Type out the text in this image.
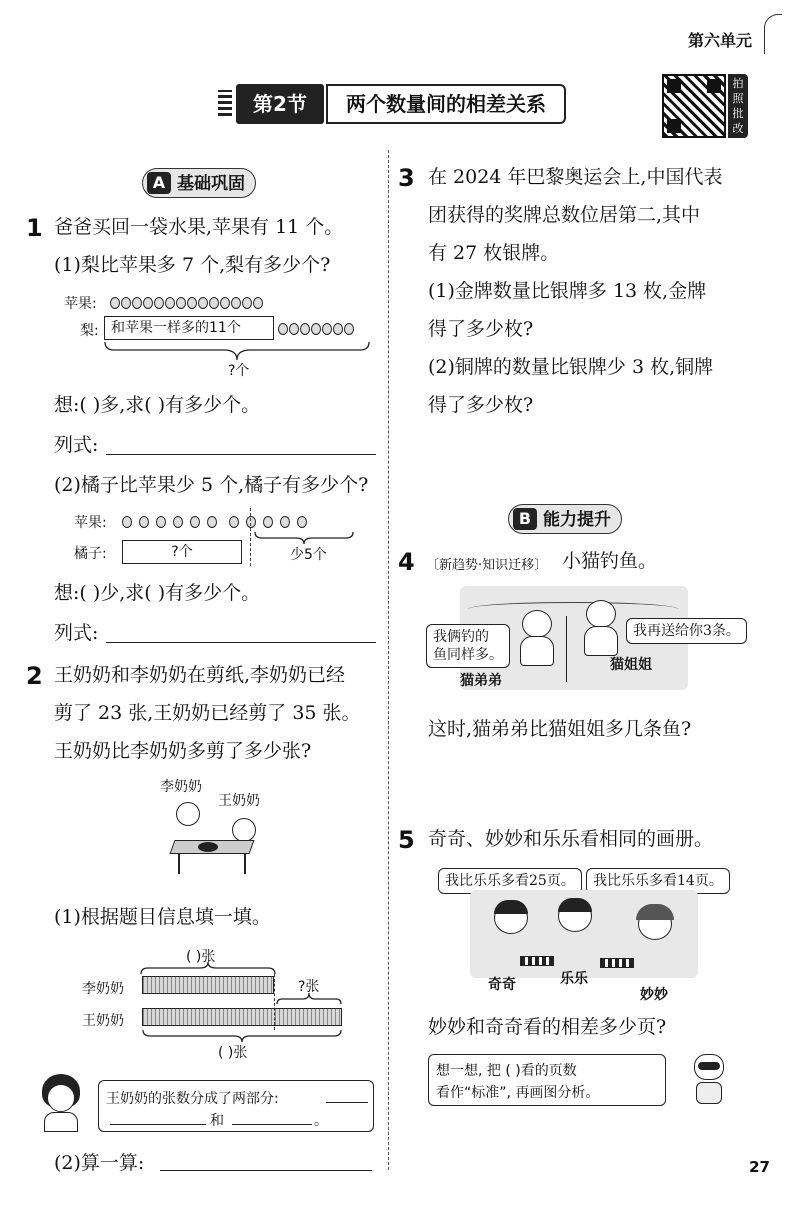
第六单元
第2节	两个数量间的相差关系
拍照批改
A 基础巩固
1 爸爸买回一袋水果,苹果有 11 个。
(1)梨比苹果多 7 个,梨有多少个?
苹果:
梨: 和苹果一样多的11个
?个
想:( )多,求( )有多少个。
列式:
(2)橘子比苹果少 5 个,橘子有多少个?
苹果:
橘子:	?个	少5个
想:( )少,求( )有多少个。
列式:
2 王奶奶和李奶奶在剪纸,李奶奶已经
剪了 23 张,王奶奶已经剪了 35 张。
王奶奶比李奶奶多剪了多少张?
李奶奶
王奶奶
(1)根据题目信息填一填。
( )张
李奶奶	?张
王奶奶
( )张
王奶奶的张数分成了两部分:
和	。
(2)算一算:
3 在 2024 年巴黎奥运会上,中国代表
团获得的奖牌总数位居第二,其中
有 27 枚银牌。
(1)金牌数量比银牌多 13 枚,金牌
得了多少枚?
(2)铜牌的数量比银牌少 3 枚,铜牌
得了多少枚?
B 能力提升
4 〔新趋势·知识迁移〕 小猫钓鱼。
我俩钓的
鱼同样多。
我再送给你3条。
猫弟弟
猫姐姐
这时,猫弟弟比猫姐姐多几条鱼?
5 奇奇、妙妙和乐乐看相同的画册。
我比乐乐多看25页。	我比乐乐多看14页。
奇奇	乐乐
妙妙
妙妙和奇奇看的相差多少页?
想一想, 把 ( )看的页数
看作“标准”, 再画图分析。
27
